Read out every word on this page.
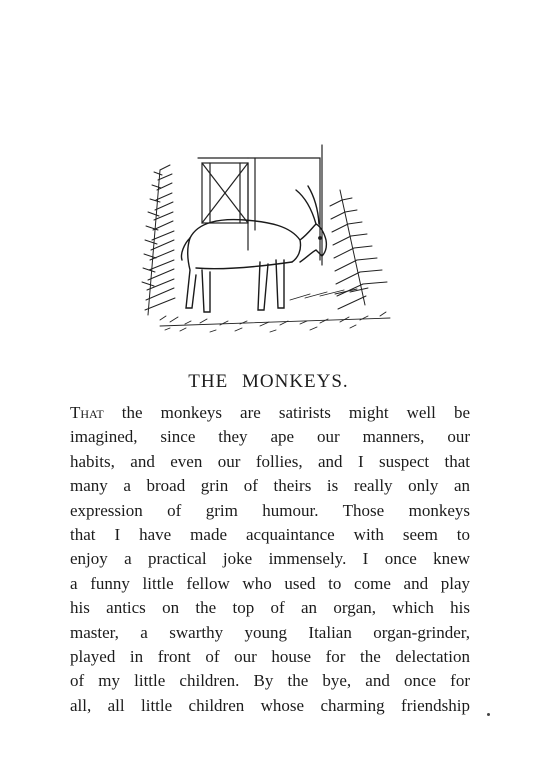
THE MONKEYS.
That the monkeys are satirists might well be
imagined, since they ape our manners, our
habits, and even our follies, and I suspect that
many a broad grin of theirs is really only an
expression of grim humour. Those monkeys
that I have made acquaintance with seem to
enjoy a practical joke immensely. I once knew
a funny little fellow who used to come and play
his antics on the top of an organ, which his
master, a swarthy young Italian organ-grinder,
played in front of our house for the delectation
of my little children. By the bye, and once for
all, all little children whose charming friendship
